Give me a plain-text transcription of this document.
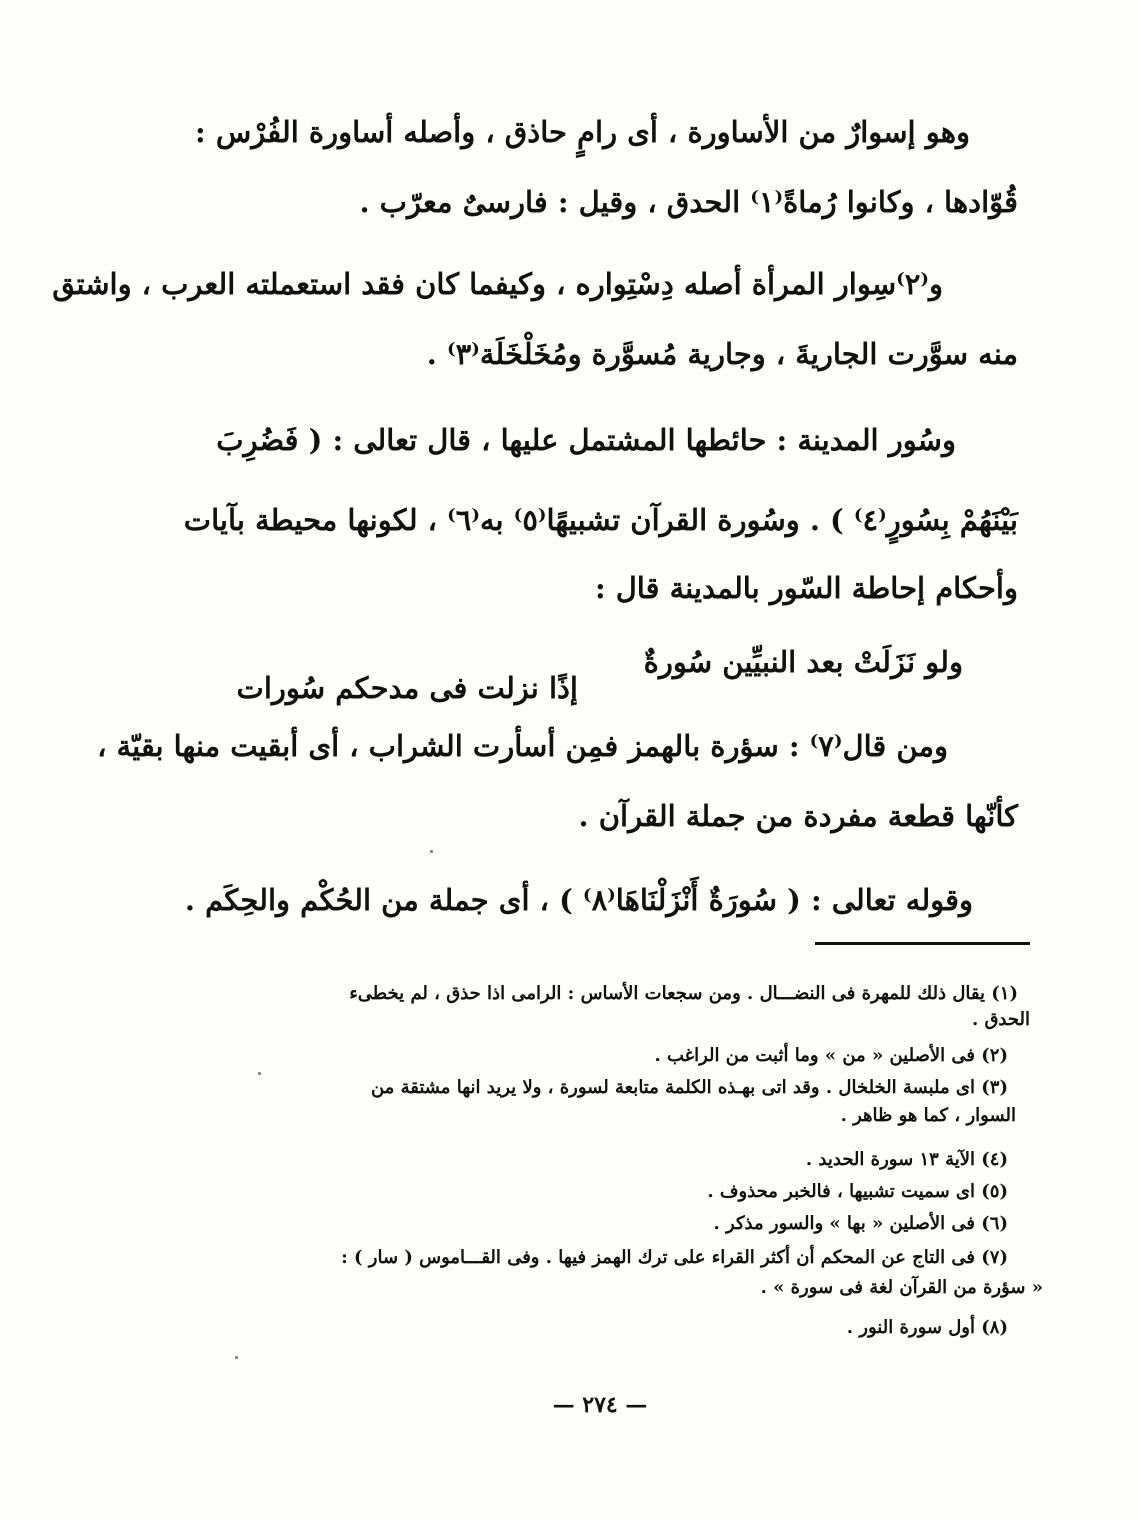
وهو إسوارٌ من الأساورة ، أى رامٍ حاذق ، وأصله أساورة الفُرْس :
قُوّادها ، وكانوا رُماةً⁽١⁾ الحدق ، وقيل : فارسىٌ معرّب .
و⁽٢⁾سِوار المرأة أصله دِسْتِواره ، وكيفما كان فقد استعملته العرب ، واشتق
منه سوَّرت الجاريةَ ، وجارية مُسوَّرة ومُخَلْخَلَة⁽٣⁾ .
وسُور المدينة : حائطها المشتمل عليها ، قال تعالى : ( فَضُرِبَ
بَيْنَهُمْ بِسُورٍ⁽٤⁾ ) . وسُورة القرآن تشبيهًا⁽٥⁾ به⁽٦⁾ ، لكونها محيطة بآيات
وأحكام إحاطة السّور بالمدينة قال :
ولو نَزَلَتْ بعد النبيِّين سُورةٌ
إذًا نزلت فى مدحكم سُورات
ومن قال⁽٧⁾ : سؤرة بالهمز فمِن أسأرت الشراب ، أى أبقيت منها بقيّة ،
كأنّها قطعة مفردة من جملة القرآن .
وقوله تعالى : ( سُورَةٌ أَنْزَلْنَاهَا⁽٨⁾ ) ، أى جملة من الحُكْم والحِكَم .
(١) يقال ذلك للمهرة فى النضـــال . ومن سجعات الأساس : الرامى اذا حذق ، لم يخطىء
الحدق .
(٢) فى الأصلين « من » وما أثبت من الراغب .
(٣) اى ملبسة الخلخال . وقد اتى بهـذه الكلمة متابعة لسورة ، ولا يريد انها مشتقة من
السوار ، كما هو ظاهر .
(٤) الآية ١٣ سورة الحديد .
(٥) اى سميت تشبيها ، فالخبر محذوف .
(٦) فى الأصلين « بها » والسور مذكر .
(٧) فى التاج عن المحكم أن أكثر القراء على ترك الهمز فيها . وفى القـــاموس ( سار ) :
« سؤرة من القرآن لغة فى سورة » .
(٨) أول سورة النور .
— ٢٧٤ —
